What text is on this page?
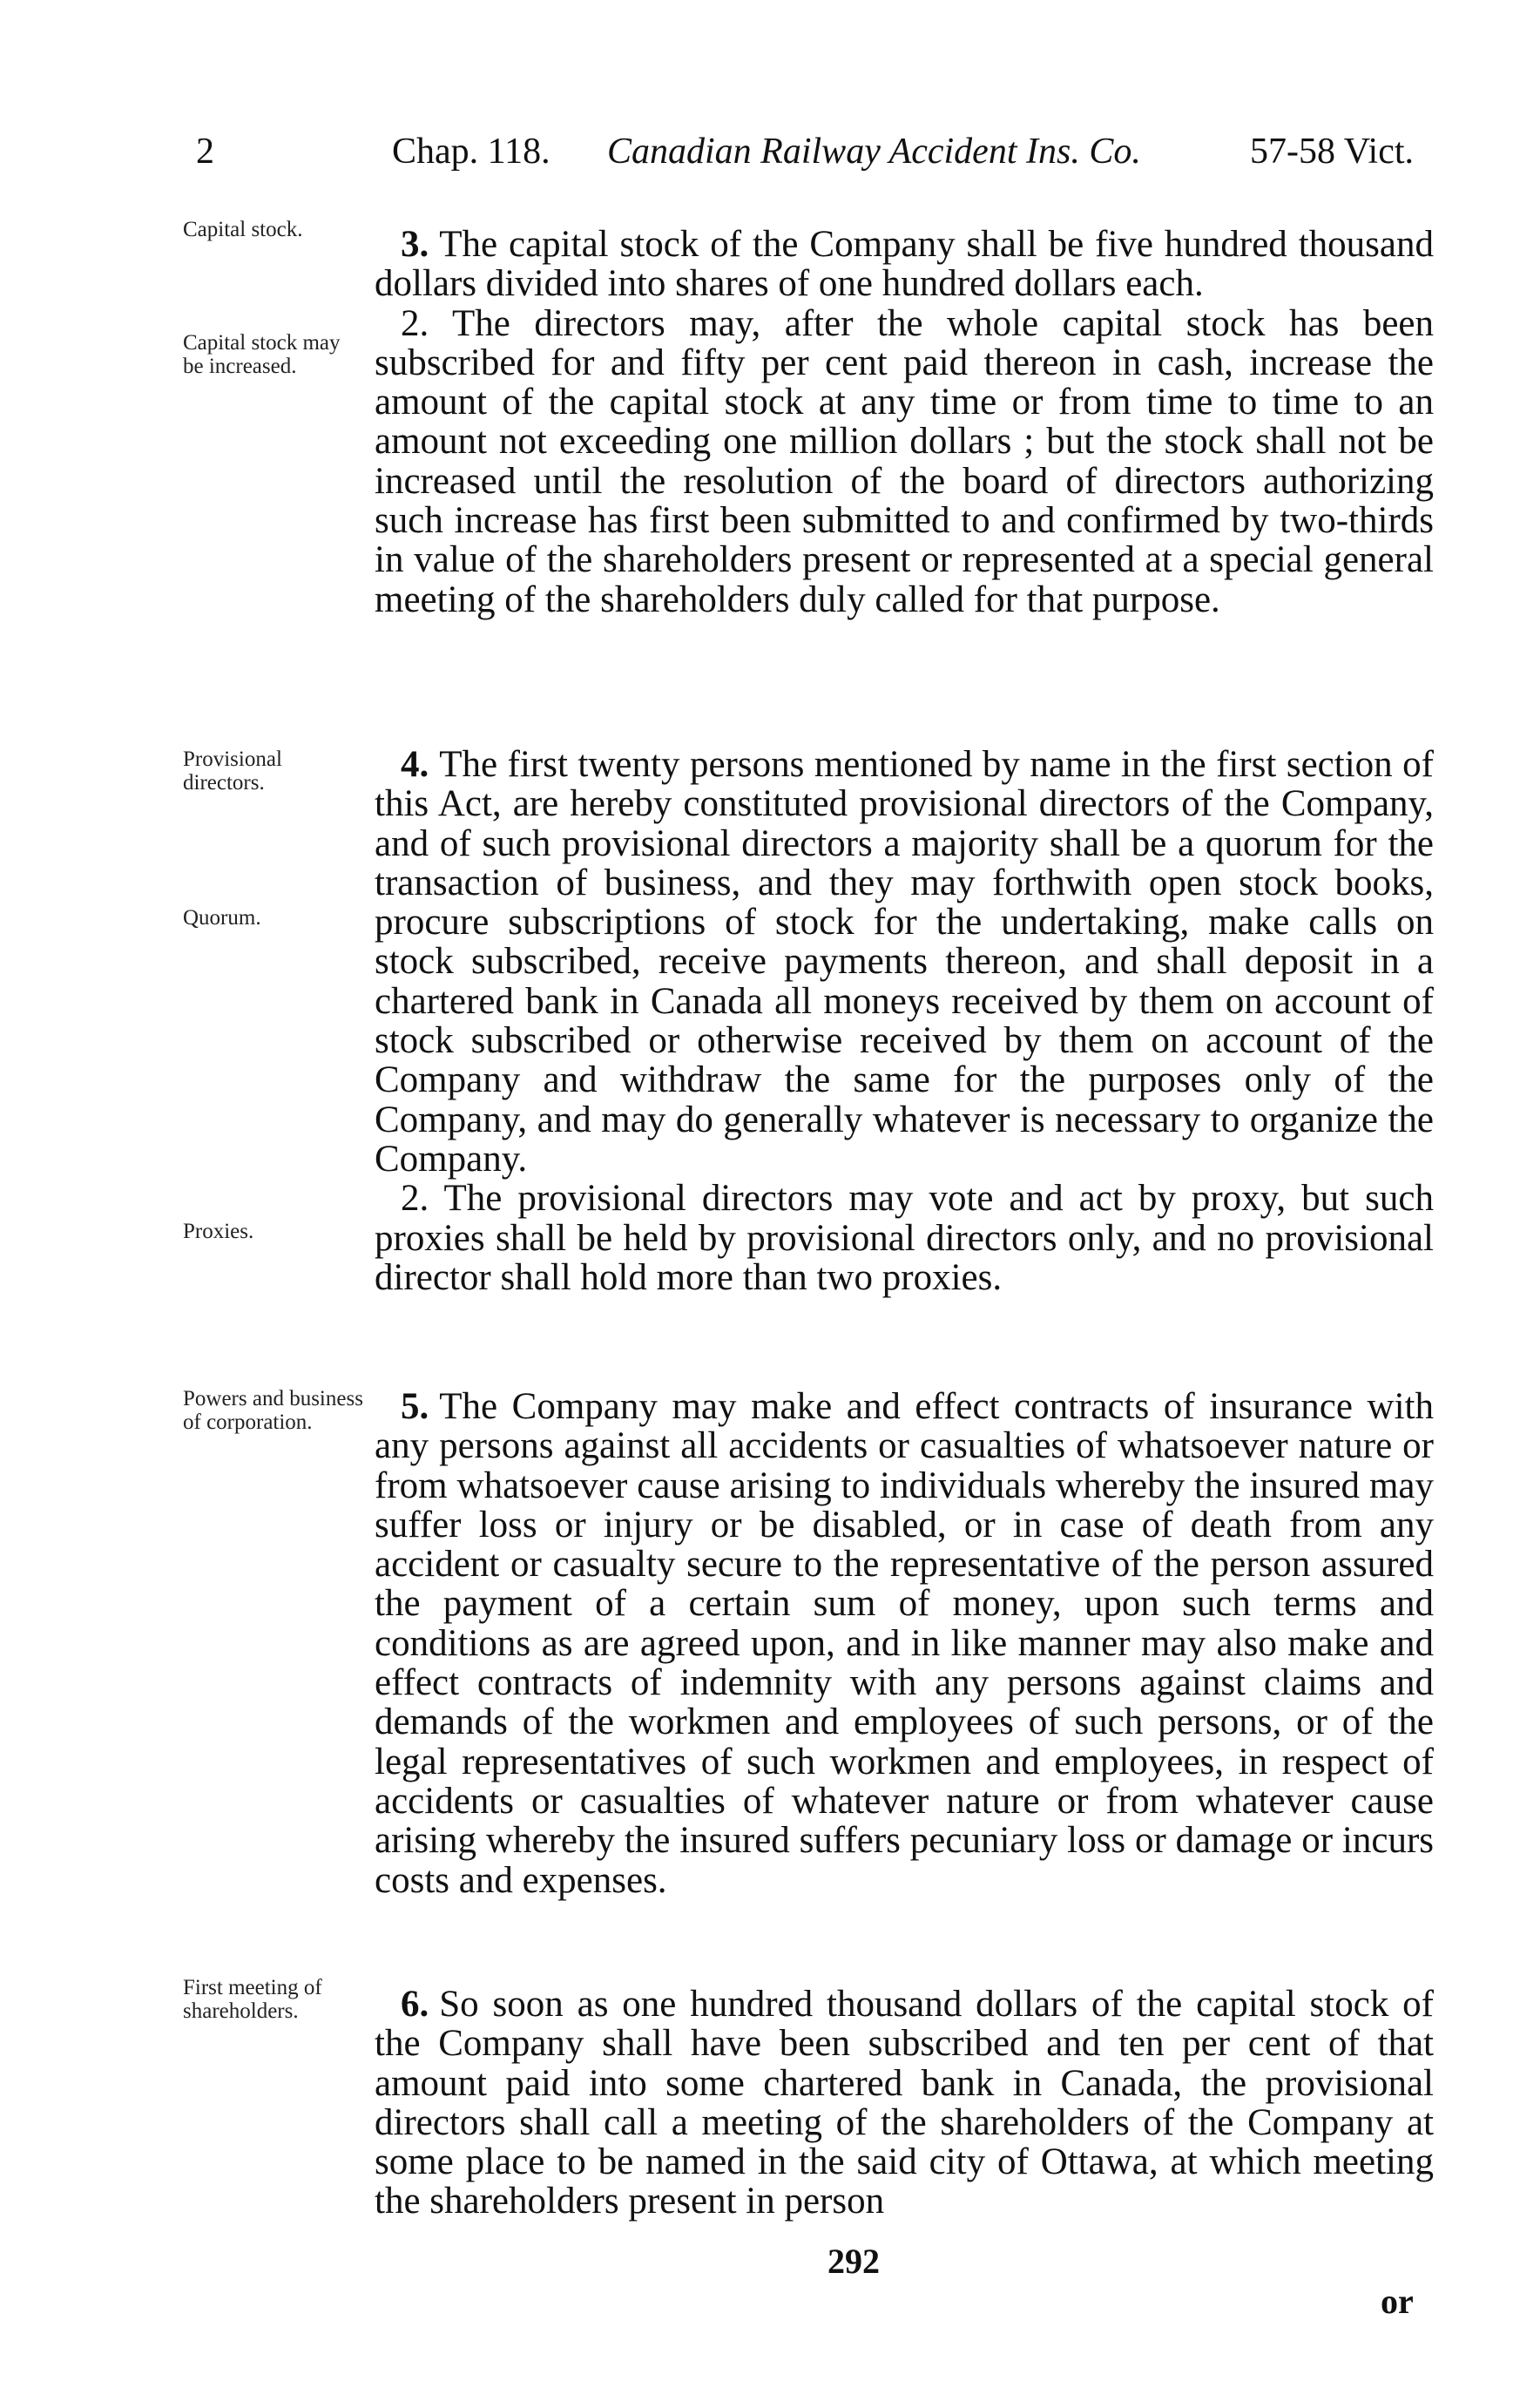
2	Chap. 118. Canadian Railway Accident Ins. Co.	57-58 Vict.

3. The capital stock of the Company shall be five hundred thousand dollars divided into shares of one hundred dollars each.

2. The directors may, after the whole capital stock has been subscribed for and fifty per cent paid thereon in cash, increase the amount of the capital stock at any time or from time to time to an amount not exceeding one million dollars ; but the stock shall not be increased until the resolution of the board of directors authorizing such increase has first been submitted to and confirmed by two-thirds in value of the shareholders present or represented at a special general meeting of the shareholders duly called for that purpose.

4. The first twenty persons mentioned by name in the first section of this Act, are hereby constituted provisional directors of the Company, and of such provisional directors a majority shall be a quorum for the transaction of business, and they may forthwith open stock books, procure subscriptions of stock for the undertaking, make calls on stock subscribed, receive payments thereon, and shall deposit in a chartered bank in Canada all moneys received by them on account of stock subscribed or otherwise received by them on account of the Company and withdraw the same for the purposes only of the Company, and may do generally whatever is necessary to organize the Company.

2. The provisional directors may vote and act by proxy, but such proxies shall be held by provisional directors only, and no provisional director shall hold more than two proxies.

5. The Company may make and effect contracts of insurance with any persons against all accidents or casualties of whatsoever nature or from whatsoever cause arising to individuals whereby the insured may suffer loss or injury or be disabled, or in case of death from any accident or casualty secure to the representative of the person assured the payment of a certain sum of money, upon such terms and conditions as are agreed upon, and in like manner may also make and effect contracts of indemnity with any persons against claims and demands of the workmen and employees of such persons, or of the legal representatives of such workmen and employees, in respect of accidents or casualties of whatever nature or from whatever cause arising whereby the insured suffers pecuniary loss or damage or incurs costs and expenses.

6. So soon as one hundred thousand dollars of the capital stock of the Company shall have been subscribed and ten per cent of that amount paid into some chartered bank in Canada, the provisional directors shall call a meeting of the shareholders of the Company at some place to be named in the said city of Ottawa, at which meeting the shareholders present in person

Capital stock.
Capital stock may be increased.
Provisional directors.
Quorum.
Proxies.
Powers and business of corporation.
First meeting of shareholders.
292
or
